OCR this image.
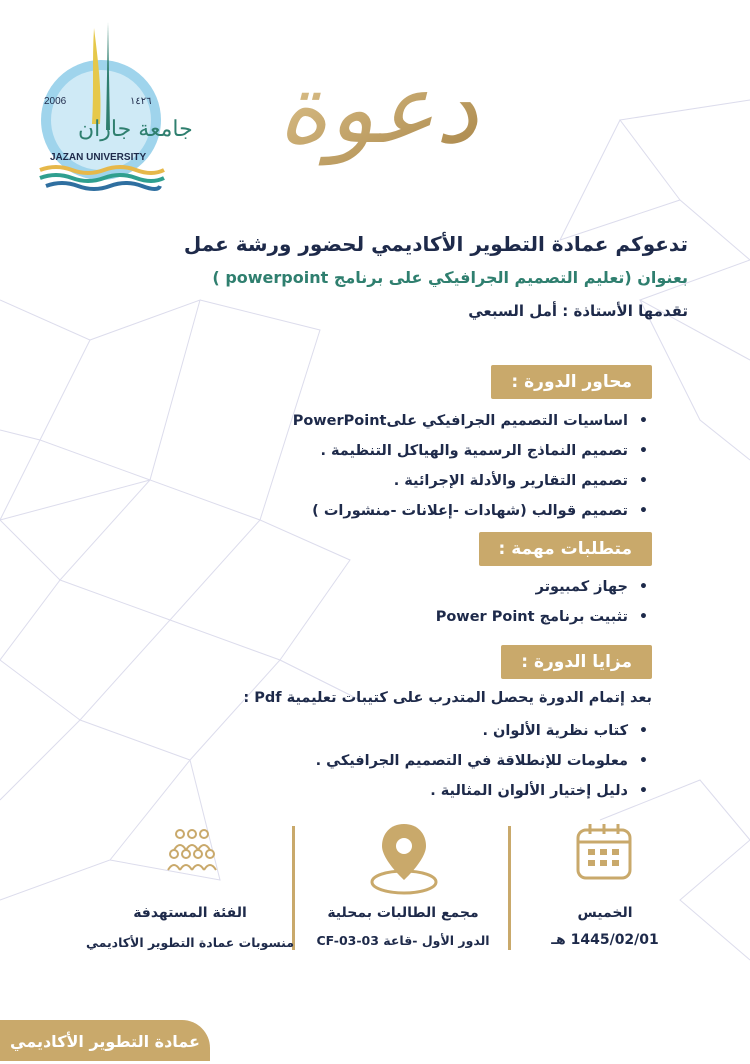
جامعة جازان
2006	١٤٢٦
JAZAN UNIVERSITY دعوة
تدعوكم عمادة التطوير الأكاديمي لحضور ورشة عمل
بعنوان (تعليم التصميم الجرافيكي على برنامج powerpoint )
تقدمها الأستاذة : أمل السبعي
محاور الدورة :
• اساسيات التصميم الجرافيكي علىPowerPoint
• تصميم النماذج الرسمية والهياكل التنظيمة .
• تصميم التقارير والأدلة الإجرائية .
• تصميم قوالب (شهادات -إعلانات -منشورات )
متطلبات مهمة :
• جهاز كمبيوتر
• تثبيت برنامج Power Point
مزايا الدورة :
بعد إتمام الدورة يحصل المتدرب على كتيبات تعليمية Pdf :
• كتاب نظرية الألوان .
• معلومات للإنطلاقة في التصميم الجرافيكي .
• دليل إختيار الألوان المثالية .
الفئة المستهدفة
منسوبات عمادة التطوير الأكاديمي
مجمع الطالبات بمحلية
الدور الأول -قاعة CF-03-03
الخميس
1445/02/01 هـ
عمادة التطوير الأكاديمي
